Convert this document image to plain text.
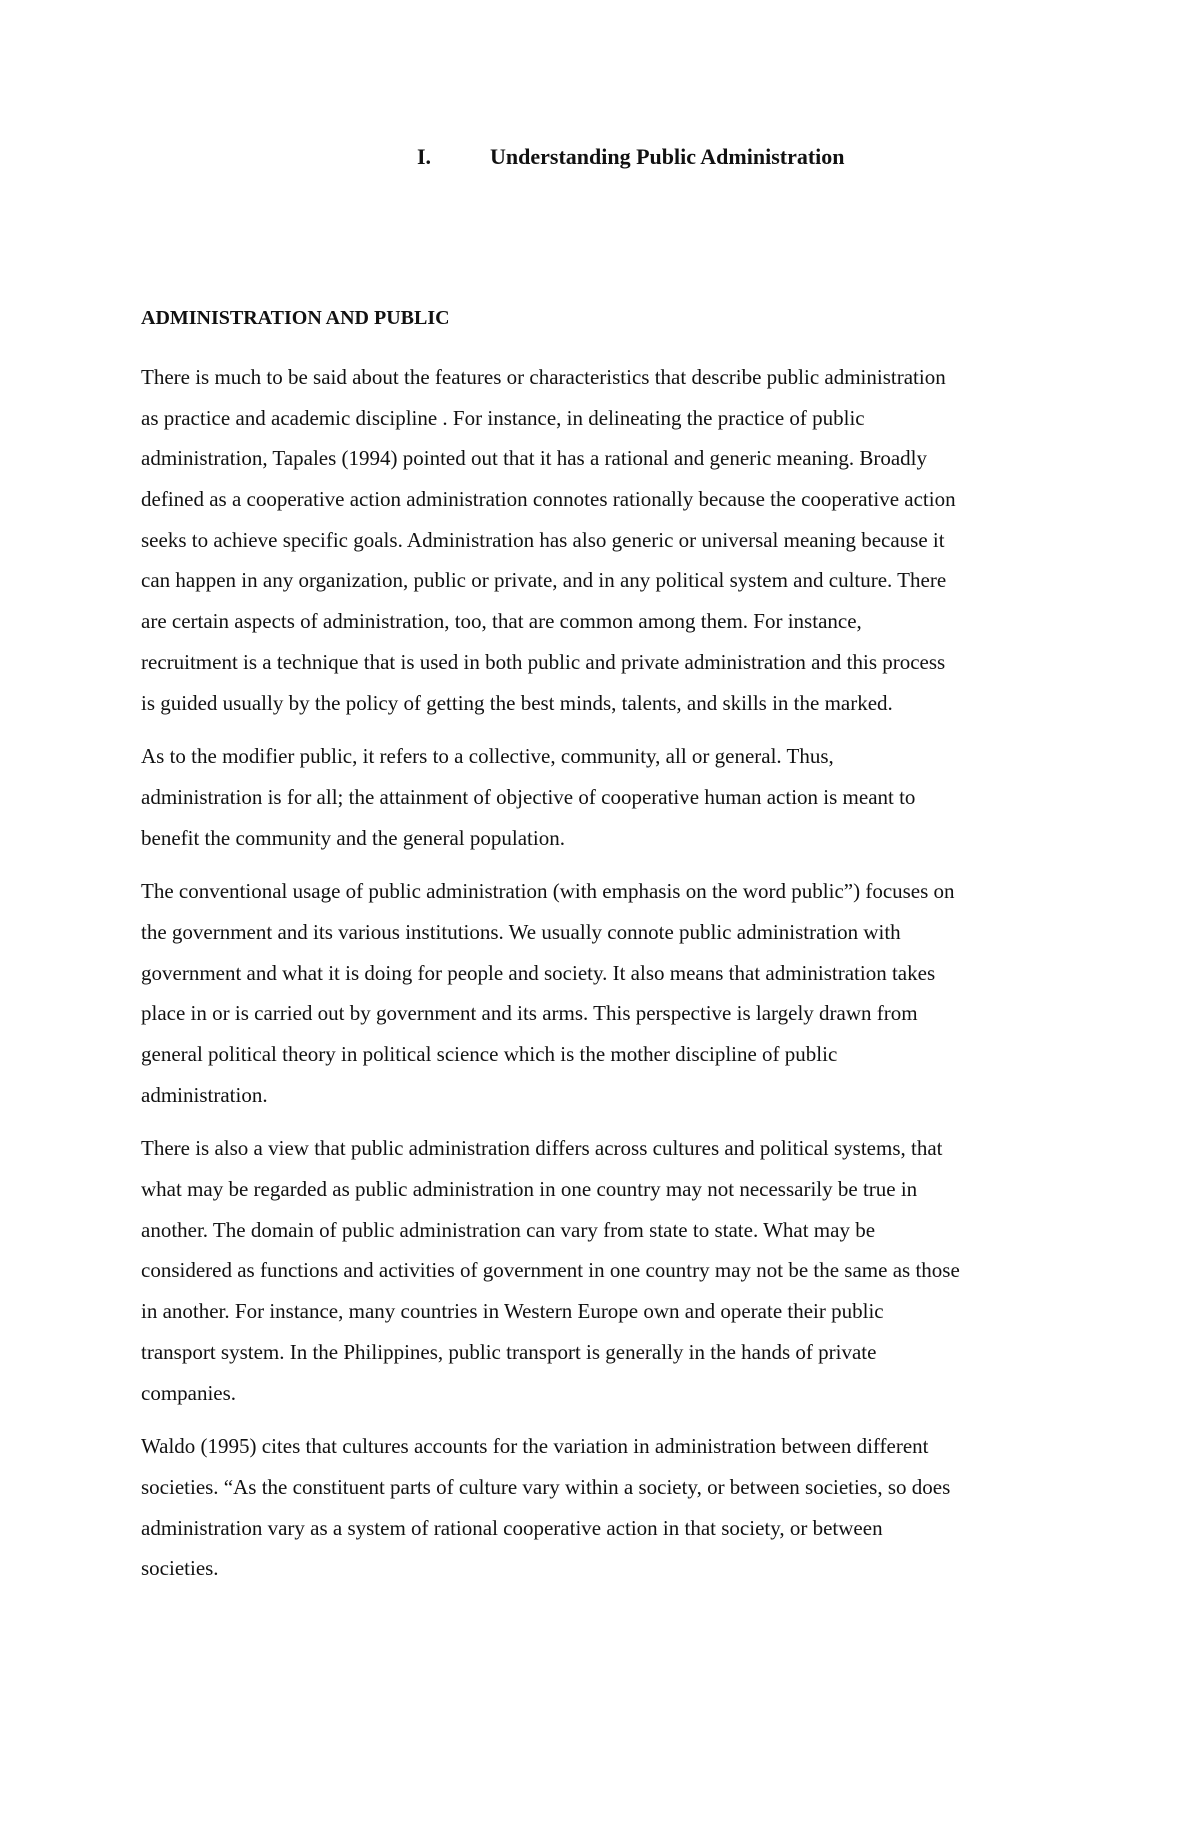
I.	Understanding Public Administration
ADMINISTRATION AND PUBLIC

There is much to be said about the features or characteristics that describe public administration
as practice and academic discipline . For instance, in delineating the practice of public
administration, Tapales (1994) pointed out that it has a rational and generic meaning. Broadly
defined as a cooperative action administration connotes rationally because the cooperative action
seeks to achieve specific goals. Administration has also generic or universal meaning because it
can happen in any organization, public or private, and in any political system and culture. There
are certain aspects of administration, too, that are common among them. For instance,
recruitment is a technique that is used in both public and private administration and this process
is guided usually by the policy of getting the best minds, talents, and skills in the marked.

As to the modifier public, it refers to a collective, community, all or general. Thus,
administration is for all; the attainment of objective of cooperative human action is meant to
benefit the community and the general population.

The conventional usage of public administration (with emphasis on the word public”) focuses on
the government and its various institutions. We usually connote public administration with
government and what it is doing for people and society. It also means that administration takes
place in or is carried out by government and its arms. This perspective is largely drawn from
general political theory in political science which is the mother discipline of public
administration.

There is also a view that public administration differs across cultures and political systems, that
what may be regarded as public administration in one country may not necessarily be true in
another. The domain of public administration can vary from state to state. What may be
considered as functions and activities of government in one country may not be the same as those
in another. For instance, many countries in Western Europe own and operate their public
transport system. In the Philippines, public transport is generally in the hands of private
companies.

Waldo (1995) cites that cultures accounts for the variation in administration between different
societies. “As the constituent parts of culture vary within a society, or between societies, so does
administration vary as a system of rational cooperative action in that society, or between
societies.
